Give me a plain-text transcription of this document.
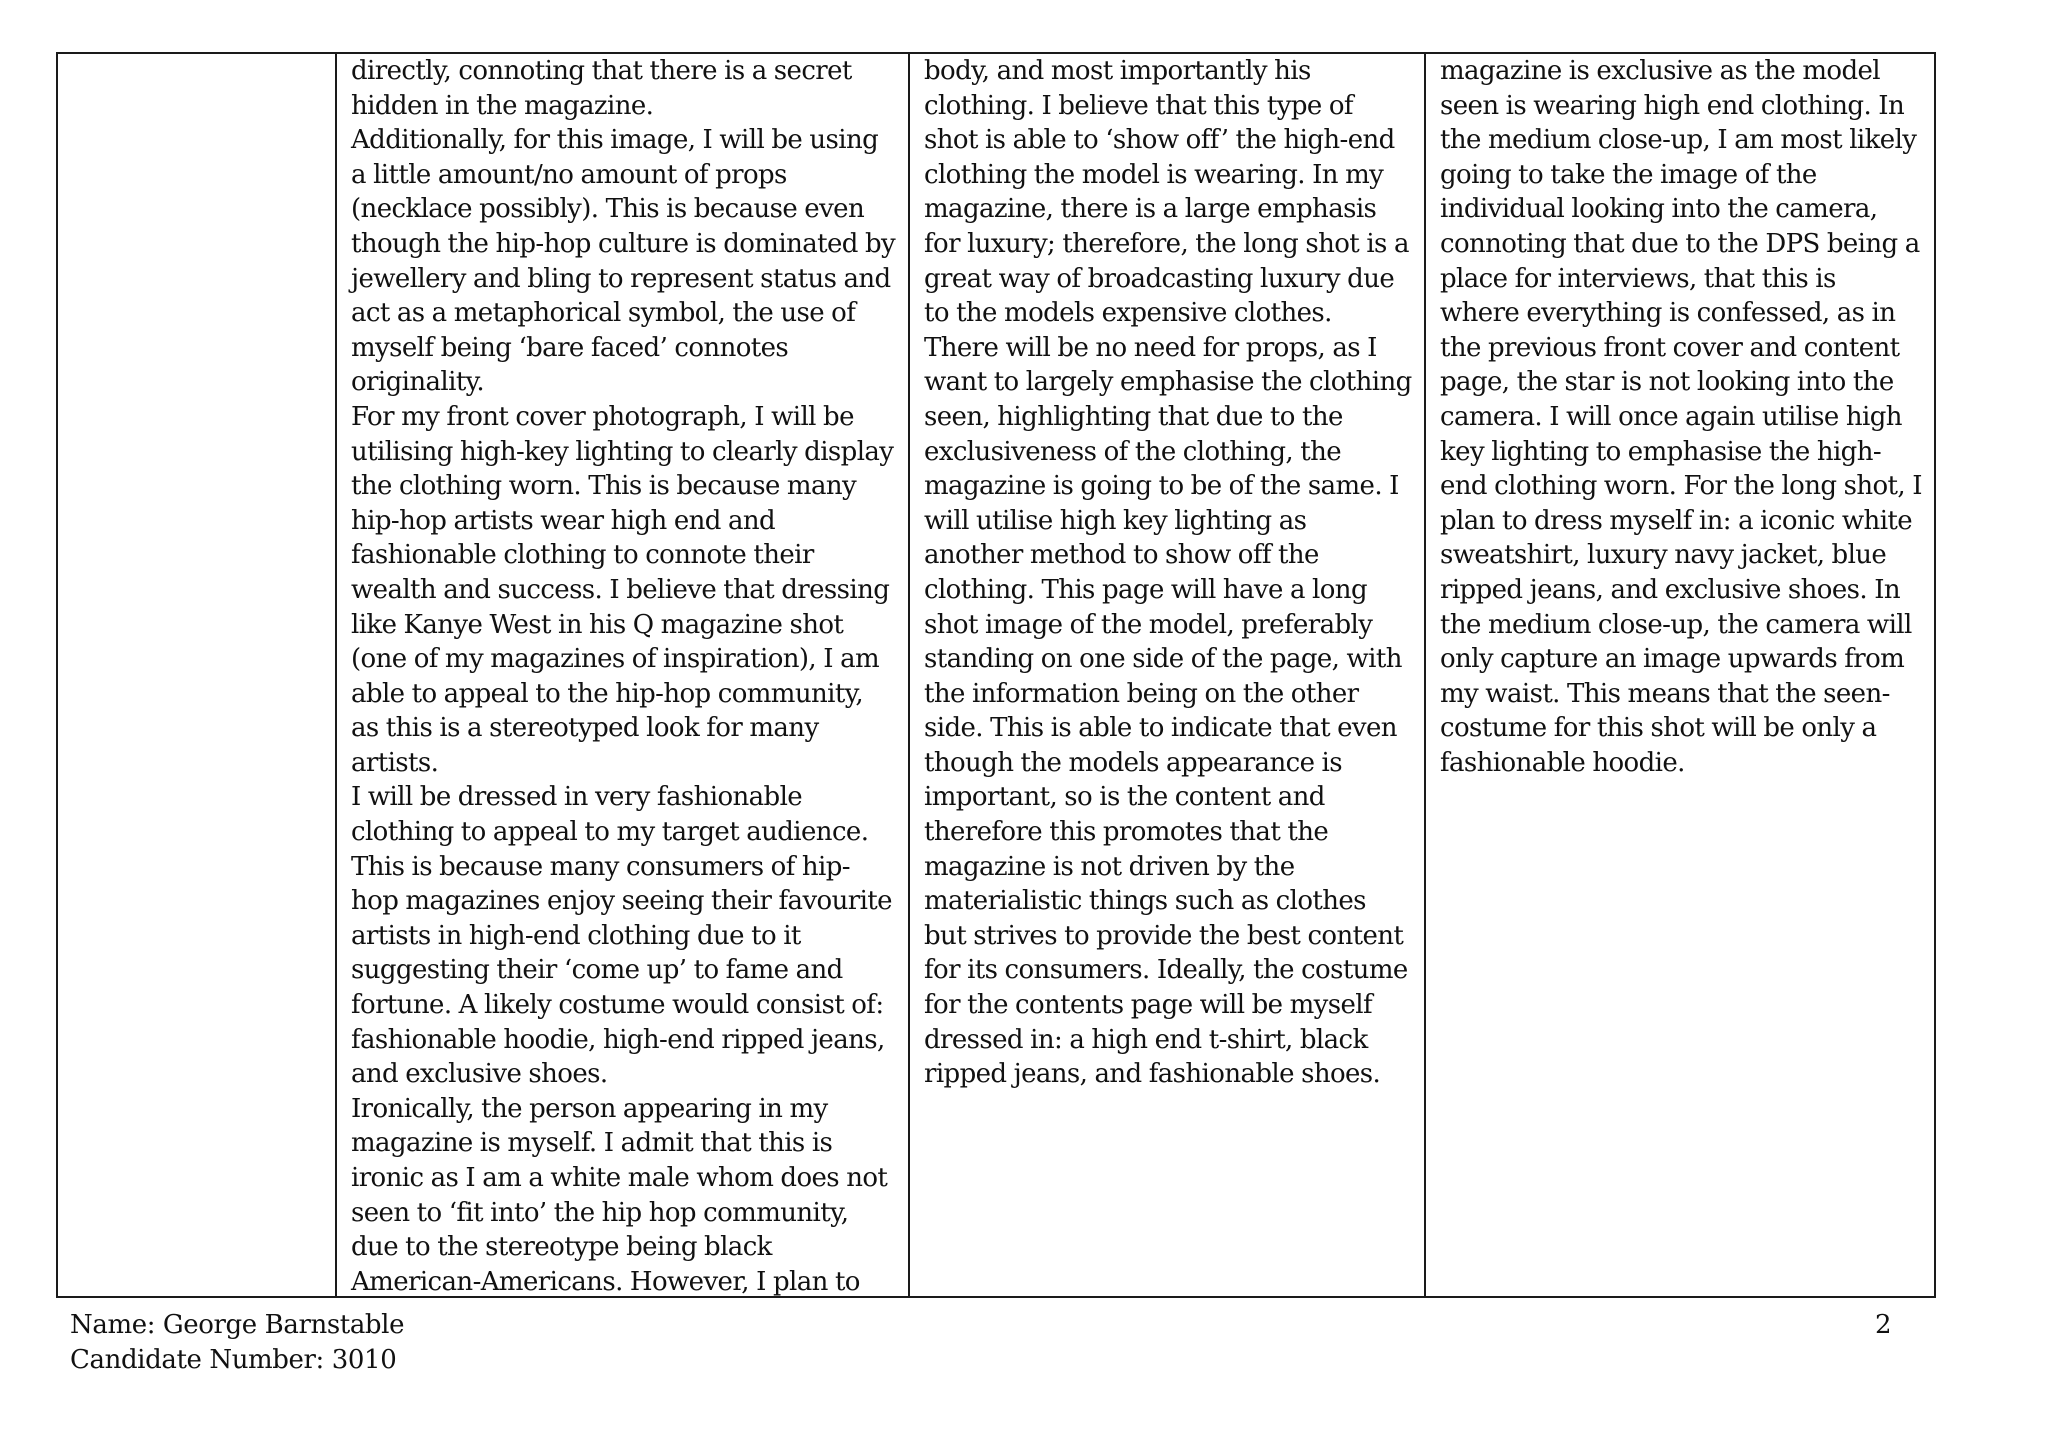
directly, connoting that there is a secret hidden in the magazine.

Additionally, for this image, I will be using a little amount/no amount of props (necklace possibly). This is because even though the hip-hop culture is dominated by jewellery and bling to represent status and act as a metaphorical symbol, the use of myself being ‘bare faced’ connotes originality.

For my front cover photograph, I will be utilising high-key lighting to clearly display the clothing worn. This is because many hip-hop artists wear high end and fashionable clothing to connote their wealth and success. I believe that dressing like Kanye West in his Q magazine shot (one of my magazines of inspiration), I am able to appeal to the hip-hop community, as this is a stereotyped look for many artists.

I will be dressed in very fashionable clothing to appeal to my target audience. This is because many consumers of hip-hop magazines enjoy seeing their favourite artists in high-end clothing due to it suggesting their ‘come up’ to fame and fortune. A likely costume would consist of: fashionable hoodie, high-end ripped jeans, and exclusive shoes.

Ironically, the person appearing in my magazine is myself. I admit that this is ironic as I am a white male whom does not seen to ‘fit into’ the hip hop community, due to the stereotype being black American-Americans. However, I plan to

body, and most importantly his clothing. I believe that this type of shot is able to ‘show off’ the high-end clothing the model is wearing. In my magazine, there is a large emphasis for luxury; therefore, the long shot is a great way of broadcasting luxury due to the models expensive clothes. There will be no need for props, as I want to largely emphasise the clothing seen, highlighting that due to the exclusiveness of the clothing, the magazine is going to be of the same. I will utilise high key lighting as another method to show off the clothing. This page will have a long shot image of the model, preferably standing on one side of the page, with the information being on the other side. This is able to indicate that even though the models appearance is important, so is the content and therefore this promotes that the magazine is not driven by the materialistic things such as clothes but strives to provide the best content for its consumers. Ideally, the costume for the contents page will be myself dressed in: a high end t-shirt, black ripped jeans, and fashionable shoes.

magazine is exclusive as the model seen is wearing high end clothing. In the medium close-up, I am most likely going to take the image of the individual looking into the camera, connoting that due to the DPS being a place for interviews, that this is where everything is confessed, as in the previous front cover and content page, the star is not looking into the camera. I will once again utilise high key lighting to emphasise the high-end clothing worn. For the long shot, I plan to dress myself in: a iconic white sweatshirt, luxury navy jacket, blue ripped jeans, and exclusive shoes. In the medium close-up, the camera will only capture an image upwards from my waist. This means that the seen-costume for this shot will be only a fashionable hoodie.

Name: George Barnstable
Candidate Number: 3010
2
